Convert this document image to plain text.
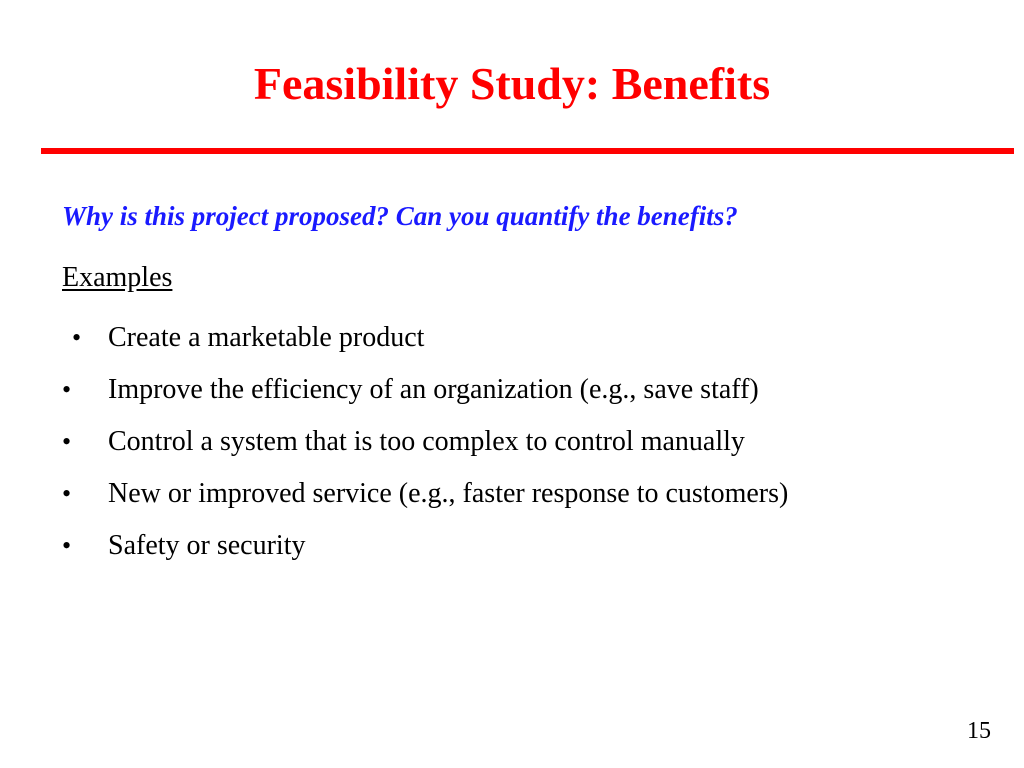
Feasibility Study: Benefits

Why is this project proposed? Can you quantify the benefits?

Examples

• Create a marketable product
• Improve the efficiency of an organization (e.g., save staff)
• Control a system that is too complex to control manually
• New or improved service (e.g., faster response to customers)
• Safety or security

15
